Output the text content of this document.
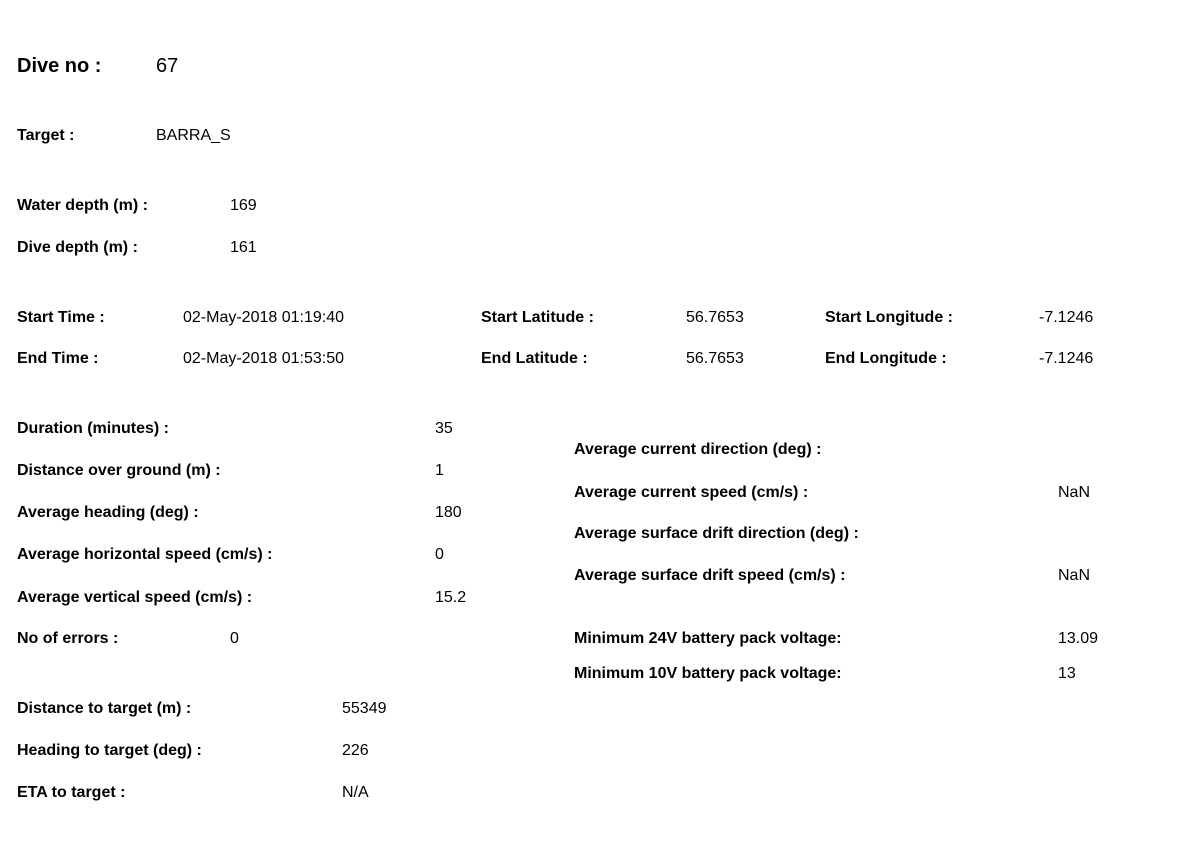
Dive no :	67
Target :	BARRA_S
Water depth (m) :	169
Dive depth (m) :	161
Start Time :	02-May-2018 01:19:40	Start Latitude :	56.7653	Start Longitude :	-7.1246
End Time :	02-May-2018 01:53:50	End Latitude :	56.7653	End Longitude :	-7.1246
Duration (minutes) :	35
Distance over ground (m) :	1
Average heading (deg) :	180
Average horizontal speed (cm/s) :	0
Average vertical speed (cm/s) :	15.2
No of errors :	0
Average current direction (deg) :
Average current speed (cm/s) :	NaN
Average surface drift direction (deg) :
Average surface drift speed (cm/s) :	NaN
Minimum 24V battery pack voltage:	13.09
Minimum 10V battery pack voltage:	13
Distance to target (m) :	55349
Heading to target (deg) :	226
ETA to target :	N/A
